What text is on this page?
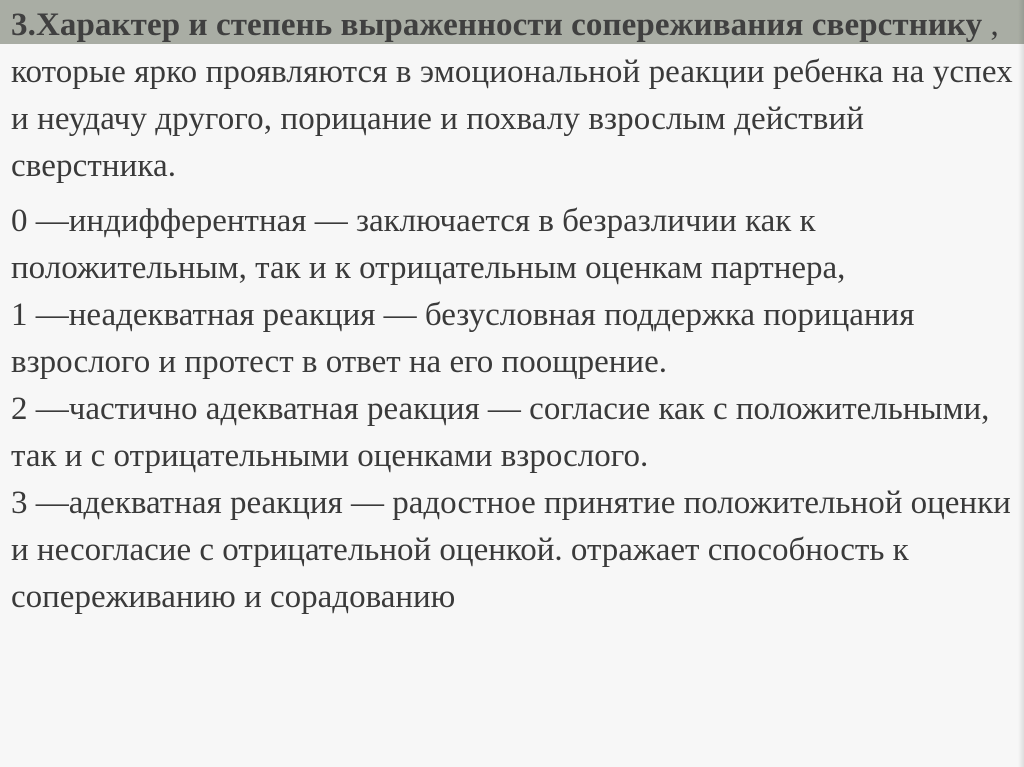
3.Характер и степень выраженности сопереживания сверстнику , которые ярко проявляются в эмоциональной реакции ребенка на успех и неудачу другого, порицание и похвалу взрослым действий сверстника.

0 —индифферентная — заключается в безразличии как к положительным, так и к отрицательным оценкам партнера,

1 —неадекватная реакция — безусловная поддержка порицания взрослого и протест в ответ на его поощрение.

2 —частично адекватная реакция — согласие как с положительными, так и с отрицательными оценками взрослого.

3 —адекватная реакция — радостное принятие положительной оценки и несогласие с отрицательной оценкой. отражает способность к сопереживанию и сорадованию
